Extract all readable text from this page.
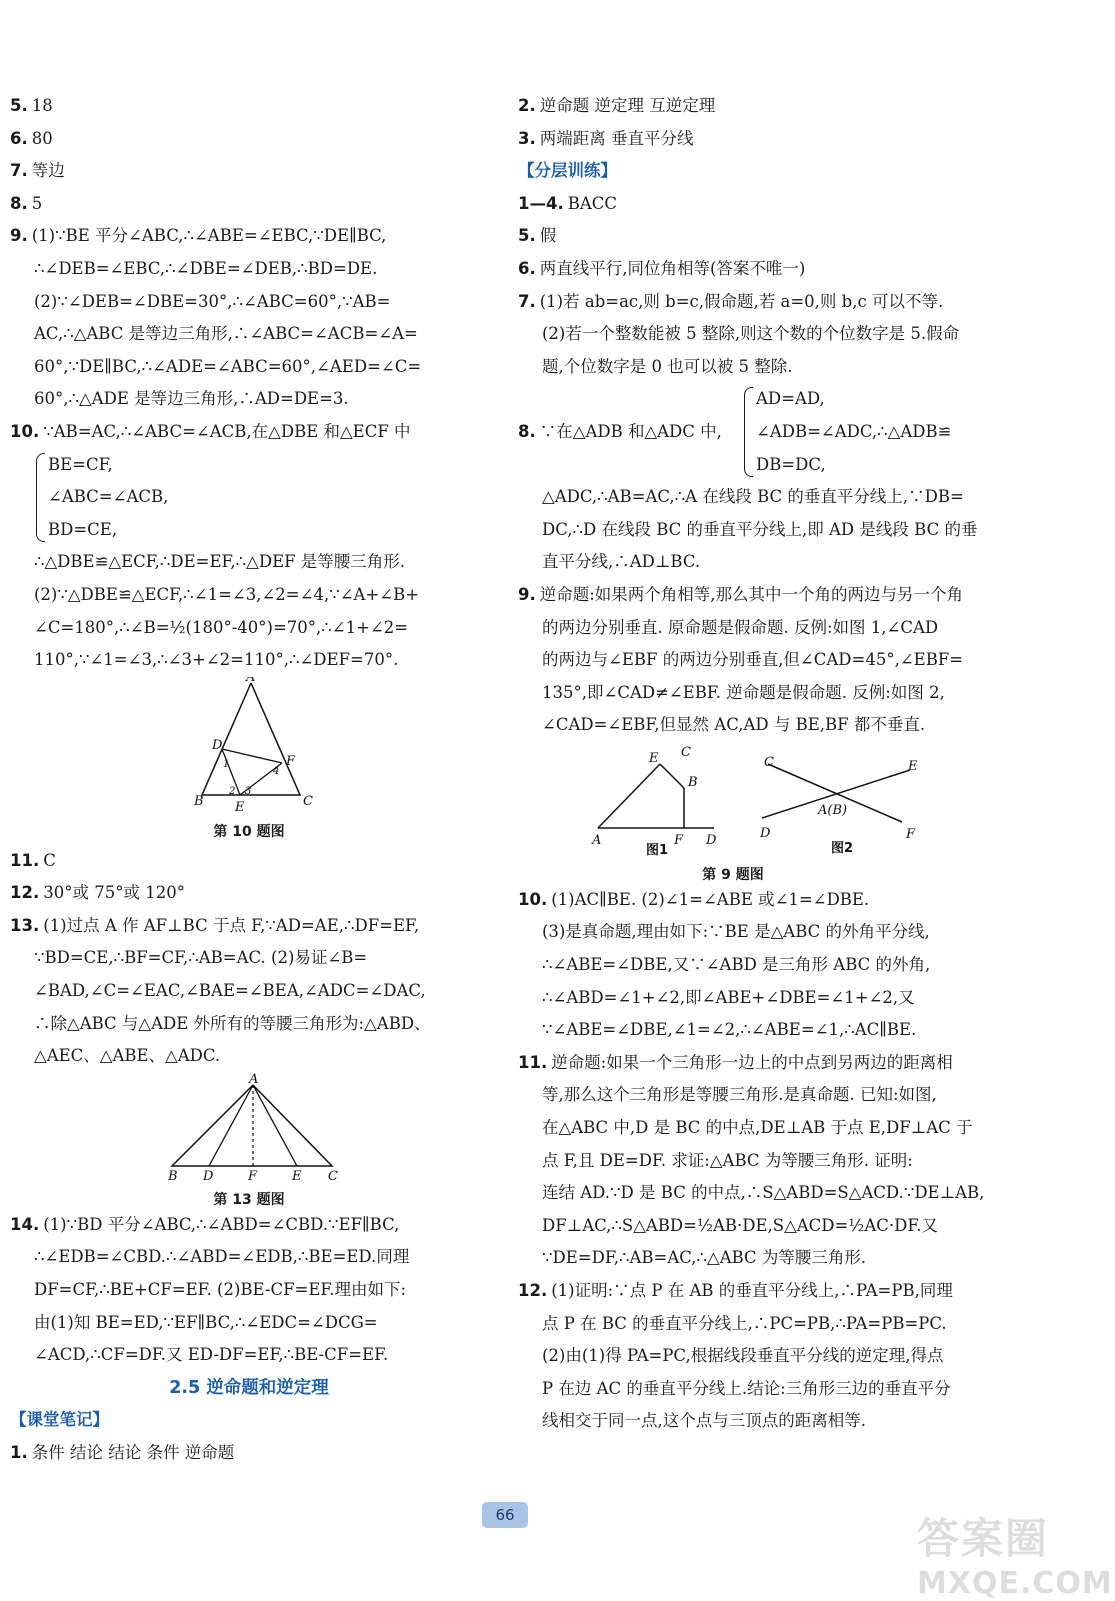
5. 18
6. 80
7. 等边
8. 5
9. (1)∵BE 平分∠ABC,∴∠ABE=∠EBC,∵DE∥BC,
∴∠DEB=∠EBC,∴∠DBE=∠DEB,∴BD=DE.
(2)∵∠DEB=∠DBE=30°,∴∠ABC=60°,∵AB=
AC,∴△ABC 是等边三角形,∴∠ABC=∠ACB=∠A=
60°,∵DE∥BC,∴∠ADE=∠ABC=60°,∠AED=∠C=
60°,∴△ADE 是等边三角形,∴AD=DE=3.
10. ∵AB=AC,∴∠ABC=∠ACB,在△DBE 和△ECF 中
BE=CF,
∠ABC=∠ACB,
BD=CE,
∴△DBE≌△ECF,∴DE=EF,∴△DEF 是等腰三角形.
(2)∵△DBE≌△ECF,∴∠1=∠3,∠2=∠4,∵∠A+∠B+
∠C=180°,∴∠B=½(180°-40°)=70°,∴∠1+∠2=
110°,∵∠1=∠3,∴∠3+∠2=110°,∴∠DEF=70°.
A
D
F
B E	C
1
2 3
4
第 10 题图
11. C
12. 30°或 75°或 120°
13. (1)过点 A 作 AF⊥BC 于点 F,∵AD=AE,∴DF=EF,
∵BD=CE,∴BF=CF,∴AB=AC. (2)易证∠B=
∠BAD,∠C=∠EAC,∠BAE=∠BEA,∠ADC=∠DAC,
∴除△ABC 与△ADE 外所有的等腰三角形为:△ABD、
△AEC、△ABE、△ADC.
A
B D	F	E C
第 13 题图
14. (1)∵BD 平分∠ABC,∴∠ABD=∠CBD.∵EF∥BC,
∴∠EDB=∠CBD.∴∠ABD=∠EDB,∴BE=ED.同理
DF=CF,∴BE+CF=EF. (2)BE-CF=EF.理由如下:
由(1)知 BE=ED,∵EF∥BC,∴∠EDC=∠DCG=
∠ACD,∴CF=DF.又 ED-DF=EF,∴BE-CF=EF.
2.5 逆命题和逆定理
【课堂笔记】
1. 条件 结论 结论 条件 逆命题
2. 逆命题 逆定理 互逆定理
3. 两端距离 垂直平分线
【分层训练】
1—4. BACC
5. 假
6. 两直线平行,同位角相等(答案不唯一)
7. (1)若 ab=ac,则 b=c,假命题,若 a=0,则 b,c 可以不等.
(2)若一个整数能被 5 整除,则这个数的个位数字是 5.假命
题,个位数字是 0 也可以被 5 整除.
8. ∵在△ADB 和△ADC 中,
AD=AD,
∠ADB=∠ADC,∴△ADB≌
DB=DC,
△ADC,∴AB=AC,∴A 在线段 BC 的垂直平分线上,∵DB=
DC,∴D 在线段 BC 的垂直平分线上,即 AD 是线段 BC 的垂
直平分线,∴AD⊥BC.
9. 逆命题:如果两个角相等,那么其中一个角的两边与另一个角
的两边分别垂直. 原命题是假命题. 反例:如图 1,∠CAD
的两边与∠EBF 的两边分别垂直,但∠CAD=45°,∠EBF=
135°,即∠CAD≠∠EBF. 逆命题是假命题. 反例:如图 2,
∠CAD=∠EBF,但显然 AC,AD 与 BE,BF 都不垂直.
E C
B
A	F D
图1
C	E
A(B)
D	F
图2
第 9 题图
10. (1)AC∥BE. (2)∠1=∠ABE 或∠1=∠DBE.
(3)是真命题,理由如下:∵BE 是△ABC 的外角平分线,
∴∠ABE=∠DBE,又∵∠ABD 是三角形 ABC 的外角,
∴∠ABD=∠1+∠2,即∠ABE+∠DBE=∠1+∠2,又
∵∠ABE=∠DBE,∠1=∠2,∴∠ABE=∠1,∴AC∥BE.
11. 逆命题:如果一个三角形一边上的中点到另两边的距离相
等,那么这个三角形是等腰三角形.是真命题. 已知:如图,
在△ABC 中,D 是 BC 的中点,DE⊥AB 于点 E,DF⊥AC 于
点 F,且 DE=DF. 求证:△ABC 为等腰三角形. 证明:
连结 AD.∵D 是 BC 的中点,∴S△ABD=S△ACD.∵DE⊥AB,
DF⊥AC,∴S△ABD=½AB·DE,S△ACD=½AC·DF.又
∵DE=DF,∴AB=AC,∴△ABC 为等腰三角形.
12. (1)证明:∵点 P 在 AB 的垂直平分线上,∴PA=PB,同理
点 P 在 BC 的垂直平分线上,∴PC=PB,∴PA=PB=PC.
(2)由(1)得 PA=PC,根据线段垂直平分线的逆定理,得点
P 在边 AC 的垂直平分线上.结论:三角形三边的垂直平分
线相交于同一点,这个点与三顶点的距离相等.
66	答案圈
MXQE.COM
